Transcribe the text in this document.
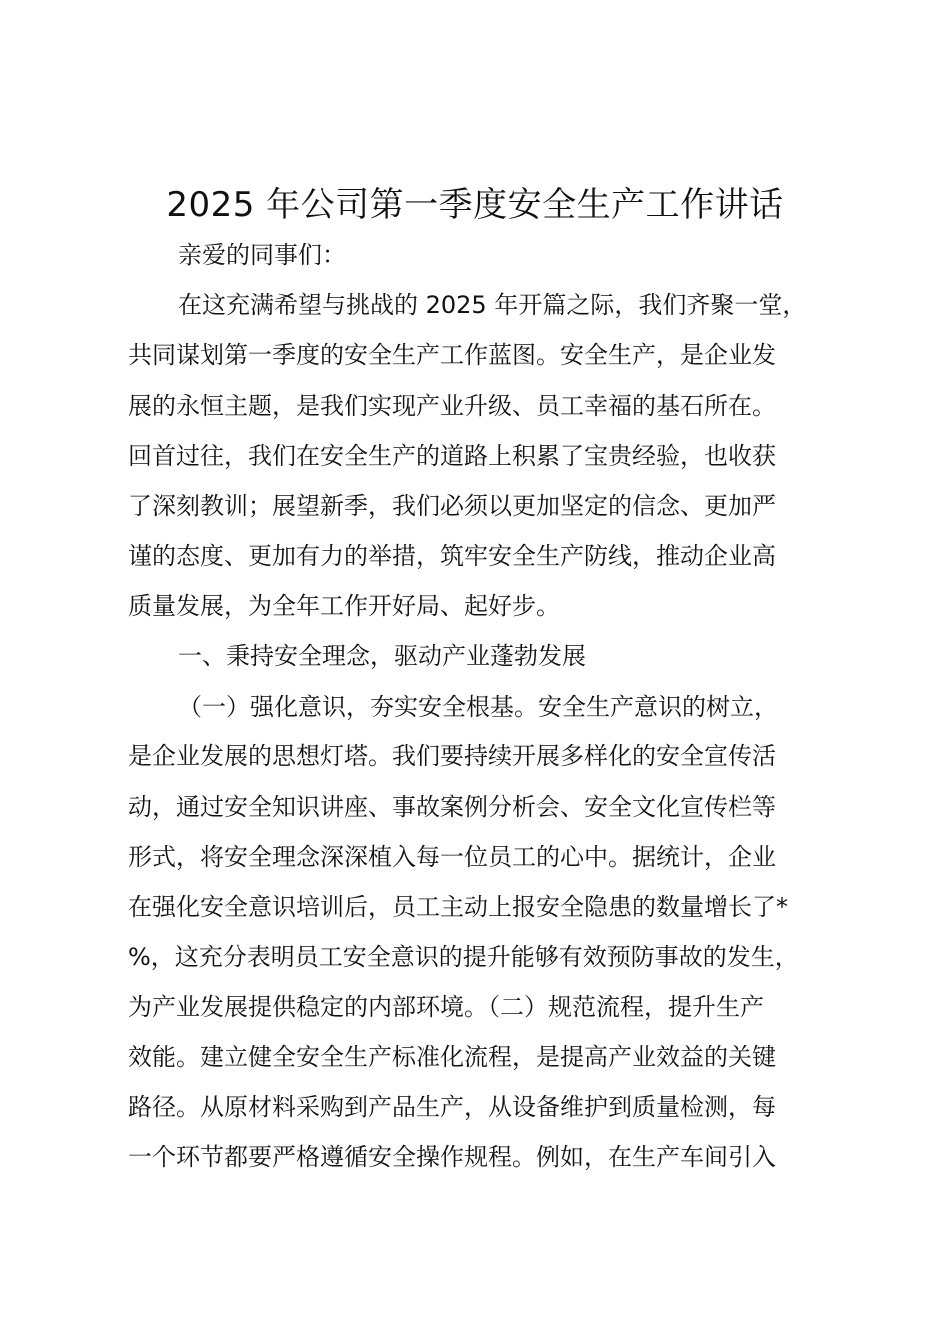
2025 年公司第一季度安全生产工作讲话
亲爱的同事们：
在这充满希望与挑战的 2025 年开篇之际，我们齐聚一堂，
共同谋划第一季度的安全生产工作蓝图。安全生产，是企业发
展的永恒主题，是我们实现产业升级、员工幸福的基石所在。
回首过往，我们在安全生产的道路上积累了宝贵经验，也收获
了深刻教训；展望新季，我们必须以更加坚定的信念、更加严
谨的态度、更加有力的举措，筑牢安全生产防线，推动企业高
质量发展，为全年工作开好局、起好步。
一、秉持安全理念，驱动产业蓬勃发展
（一）强化意识，夯实安全根基。安全生产意识的树立，
是企业发展的思想灯塔。我们要持续开展多样化的安全宣传活
动，通过安全知识讲座、事故案例分析会、安全文化宣传栏等
形式，将安全理念深深植入每一位员工的心中。据统计，企业
在强化安全意识培训后，员工主动上报安全隐患的数量增长了*
%，这充分表明员工安全意识的提升能够有效预防事故的发生，
为产业发展提供稳定的内部环境。（二）规范流程，提升生产
效能。建立健全安全生产标准化流程，是提高产业效益的关键
路径。从原材料采购到产品生产，从设备维护到质量检测，每
一个环节都要严格遵循安全操作规程。例如，在生产车间引入
